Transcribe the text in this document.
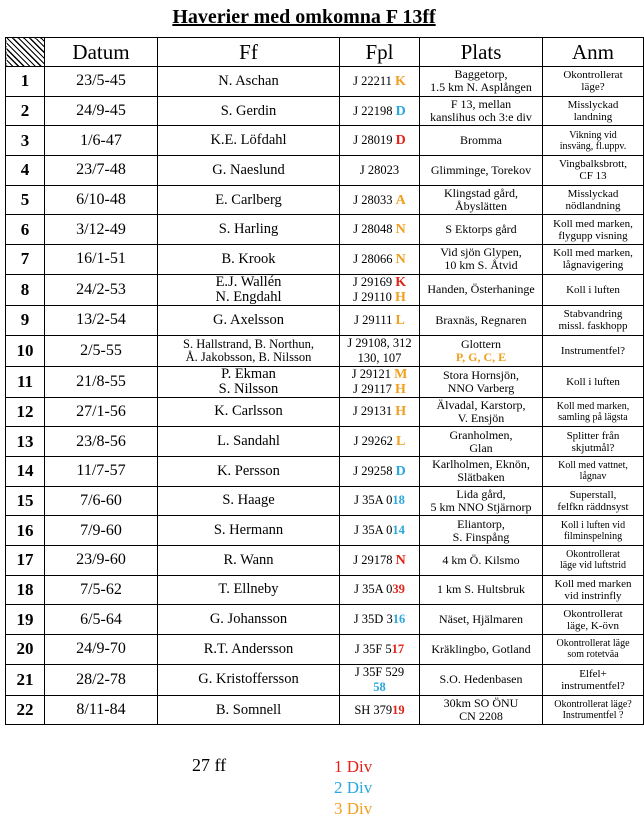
Haverier med omkomna F 13ff
	Datum	Ff	Fpl	Plats	Anm
1	23/5-45	N. Aschan	J 22211 K	Baggetorp,
1.5 km N. Asplången	Okontrollerat
läge?

2	24/9-45	S. Gerdin	J 22198 D	F 13, mellan
kanslihus och 3:e div	Misslyckad
landning

3	1/6-47	K.E. Löfdahl	J 28019 D	Bromma	Vikning vid
insväng, fl.uppv.

4	23/7-48	G. Naeslund	J 28023	Glimminge, Torekov	Vingbalksbrott,
CF 13

5	6/10-48	E. Carlberg	J 28033 A	Klingstad gård,
Åbyslätten	Misslyckad
nödlandning

6	3/12-49	S. Harling	J 28048 N	S Ektorps gård	Koll med marken,
flygupp visning

7	16/1-51	B. Krook	J 28066 N	Vid sjön Glypen,
10 km S. Åtvid	Koll med marken,
lågnavigering

8	24/2-53	E.J. Wallén
N. Engdahl	J 29169 K
J 29110 H	Handen, Österhaninge	Koll i luften

9	13/2-54	G. Axelsson	J 29111 L	Braxnäs, Regnaren	Stabvandring
missl. faskhopp

10	2/5-55	S. Hallstrand, B. Northun,
Å. Jakobsson, B. Nilsson	J 29108, 312
130, 107	Glottern
P, G, C, E	Instrumentfel?

11	21/8-55	P. Ekman
S. Nilsson	J 29121 M
J 29117 H	Stora Hornsjön,
NNO Varberg	Koll i luften

12	27/1-56	K. Carlsson	J 29131 H	Älvadal, Karstorp,
V. Ensjön	Koll med marken,
samling på lägsta

13	23/8-56	L. Sandahl	J 29262 L	Granholmen,
Glan	Splitter från
skjutmål?

14	11/7-57	K. Persson	J 29258 D	Karlholmen, Eknön,
Slätbaken	Koll med vattnet,
lågnav

15	7/6-60	S. Haage	J 35A 018	Lida gård,
5 km NNO Stjärnorp	Superstall,
felfkn räddnsyst

16	7/9-60	S. Hermann	J 35A 014	Eliantorp,
S. Finspång	Koll i luften vid
filminspelning

17	23/9-60	R. Wann	J 29178 N	4 km Ö. Kilsmo	Okontrollerat
läge vid luftstrid

18	7/5-62	T. Ellneby	J 35A 039	1 km S. Hultsbruk	Koll med marken
vid instrinfly

19	6/5-64	G. Johansson	J 35D 316	Näset, Hjälmaren	Okontrollerat
läge, K-övn

20	24/9-70	R.T. Andersson	J 35F 517	Kräklingbo, Gotland	Okontrollerat läge
som rotetväa

21	28/2-78	G. Kristoffersson	J 35F 529
58	S.O. Hedenbasen	Elfel+
instrumentfel?

22	8/11-84	B. Somnell	SH 37919	30km SO ÖNU
CN 2208	Okontrollerat läge?
Instrumentfel ?
27 ff	1 Div
2 Div
3 Div
